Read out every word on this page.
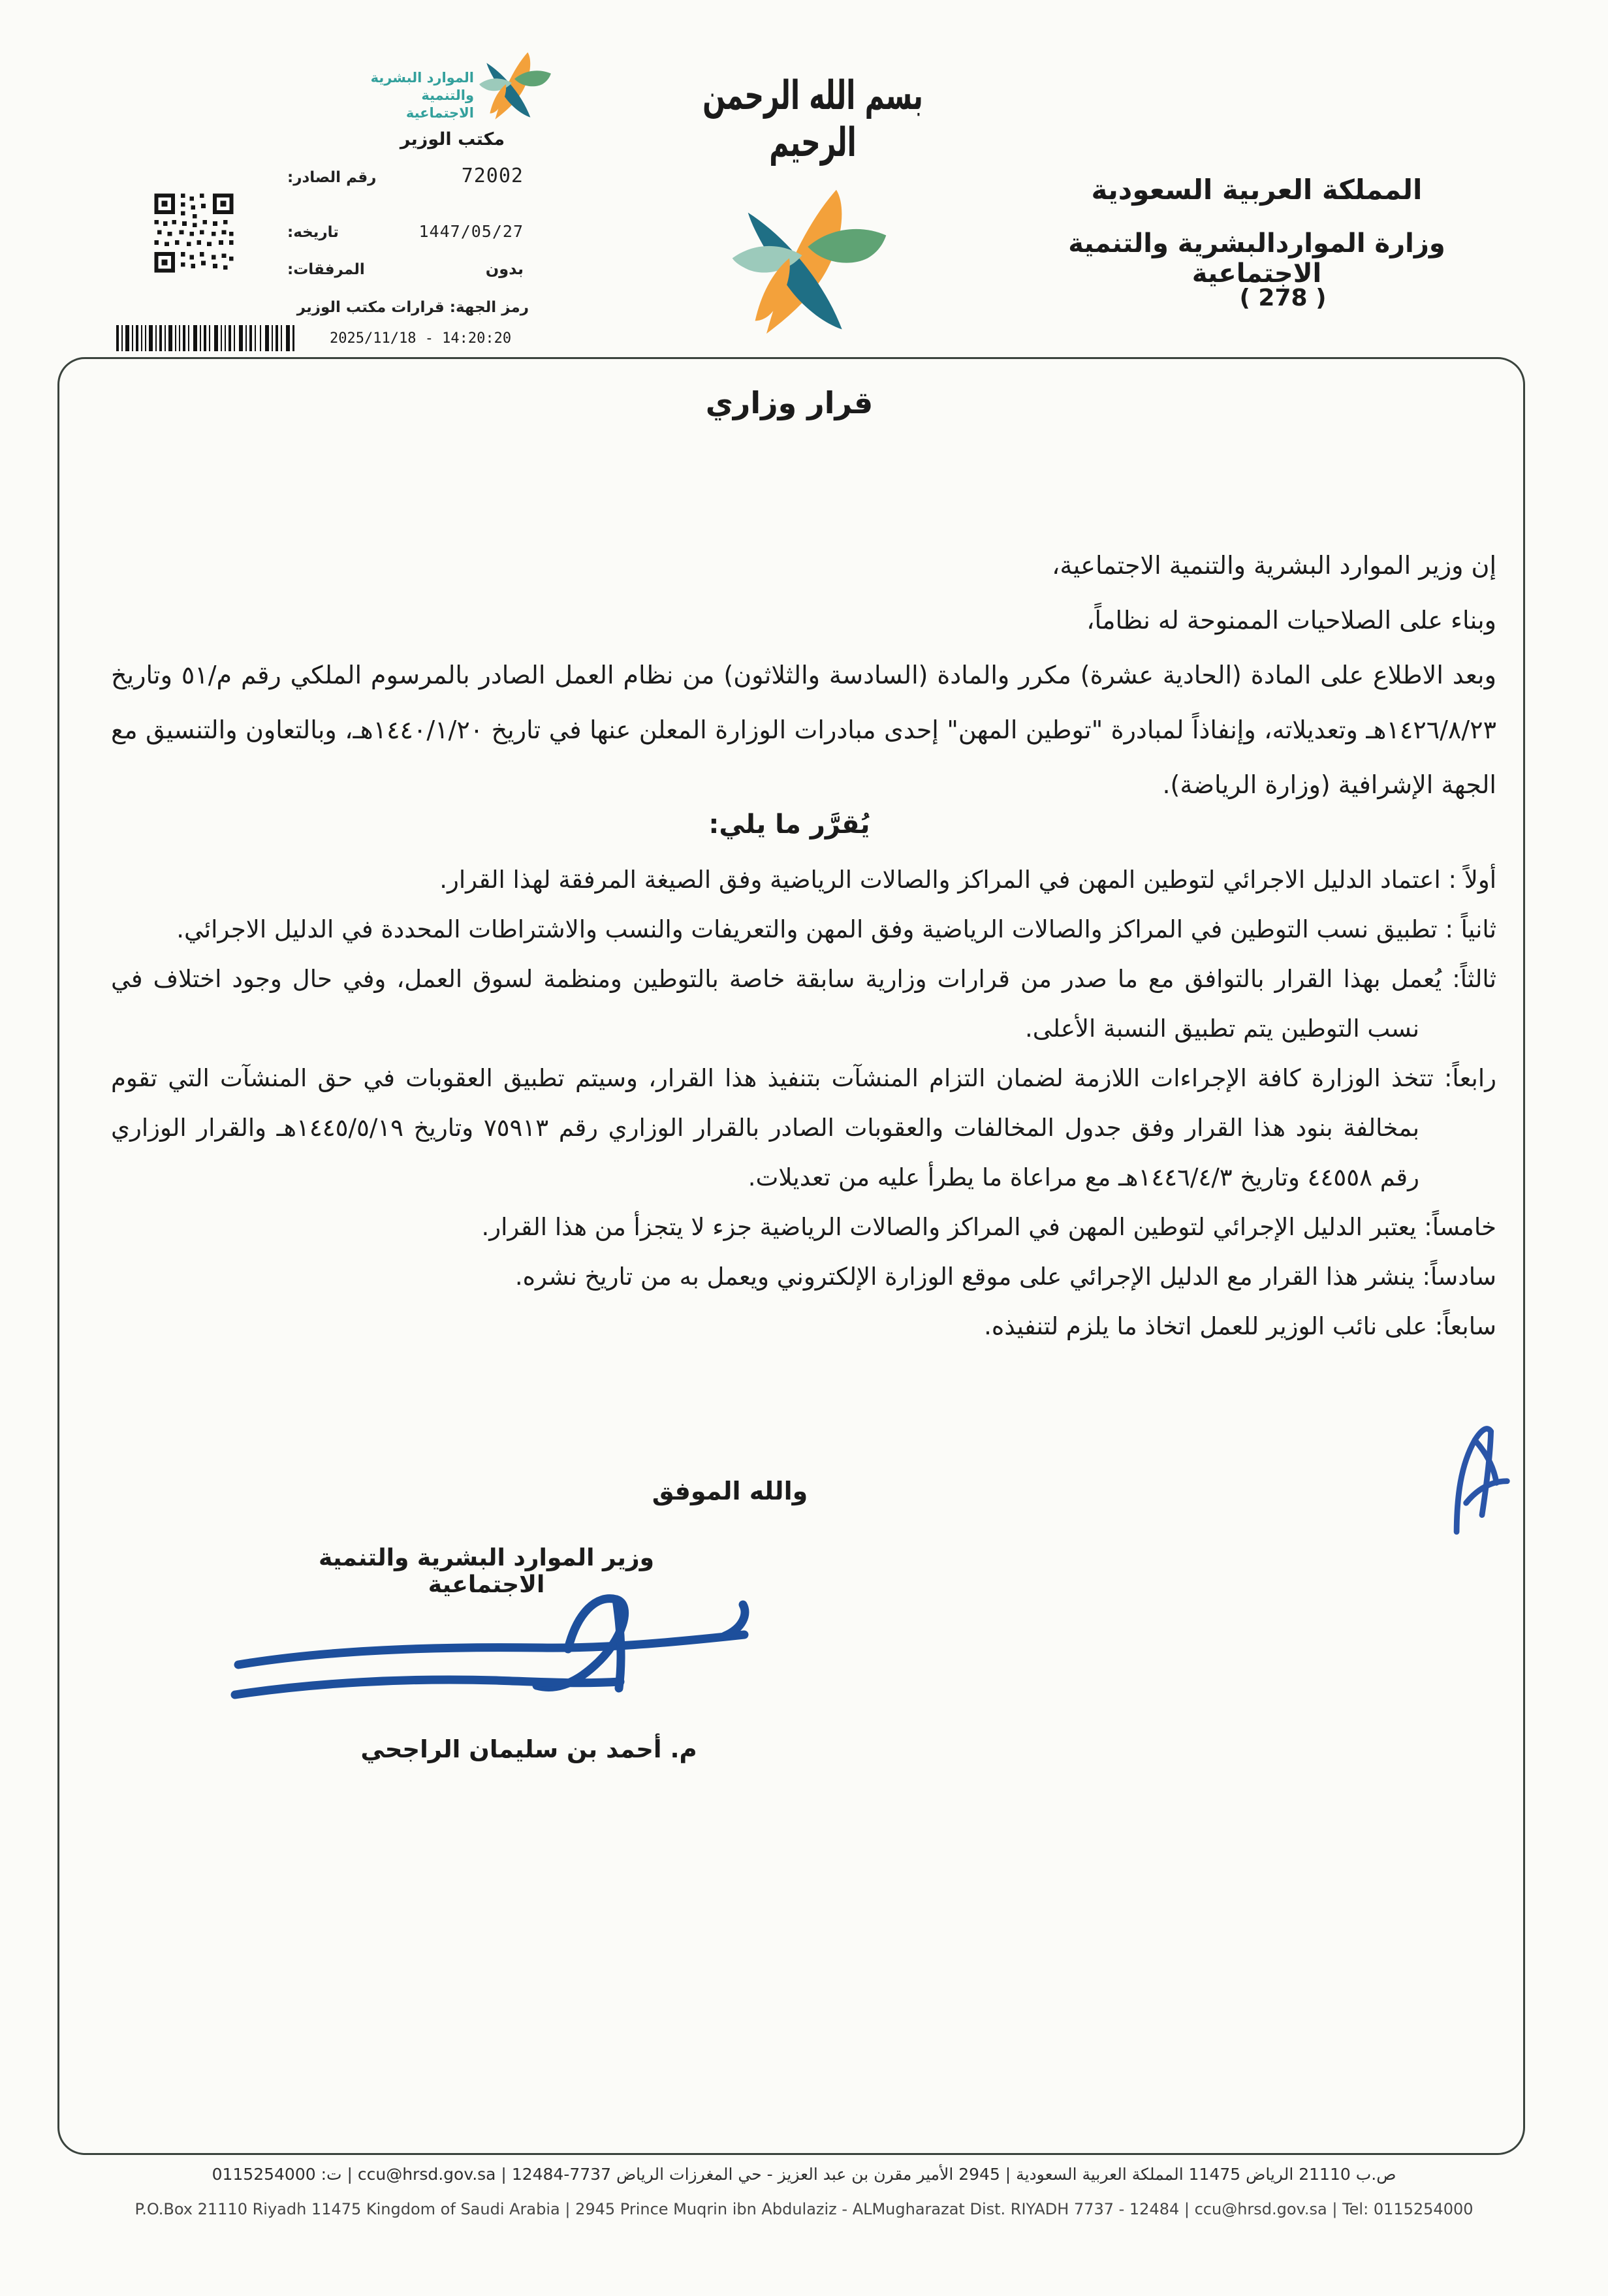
الموارد البشرية
والتنمية الاجتماعية
مكتب الوزير
رقم الصادر:	72002
تاريخه:	1447/05/27
المرفقات:	بدون
رمز الجهة: قرارات مكتب الوزير
2025/11/18 - 14:20:20
بسم الله الرحمن الرحيم
المملكة العربية السعودية
وزارة المواردالبشرية والتنمية الاجتماعية
( 278 )
قرار وزاري

إن وزير الموارد البشرية والتنمية الاجتماعية،

وبناء على الصلاحيات الممنوحة له نظاماً،

وبعد الاطلاع على المادة (الحادية عشرة) مكرر والمادة (السادسة والثلاثون) من نظام العمل الصادر بالمرسوم الملكي رقم م/٥١ وتاريخ ١٤٢٦/٨/٢٣هـ وتعديلاته، وإنفاذاً لمبادرة "توطين المهن" إحدى مبادرات الوزارة المعلن عنها في تاريخ ١٤٤٠/١/٢٠هـ، وبالتعاون والتنسيق مع الجهة الإشرافية (وزارة الرياضة).

يُقرَّر ما يلي:

أولاً : اعتماد الدليل الاجرائي لتوطين المهن في المراكز والصالات الرياضية وفق الصيغة المرفقة لهذا القرار.

ثانياً : تطبيق نسب التوطين في المراكز والصالات الرياضية وفق المهن والتعريفات والنسب والاشتراطات المحددة في الدليل الاجرائي.

ثالثاً: يُعمل بهذا القرار بالتوافق مع ما صدر من قرارات وزارية سابقة خاصة بالتوطين ومنظمة لسوق العمل، وفي حال وجود اختلاف في نسب التوطين يتم تطبيق النسبة الأعلى.

رابعاً: تتخذ الوزارة كافة الإجراءات اللازمة لضمان التزام المنشآت بتنفيذ هذا القرار، وسيتم تطبيق العقوبات في حق المنشآت التي تقوم بمخالفة بنود هذا القرار وفق جدول المخالفات والعقوبات الصادر بالقرار الوزاري رقم ٧٥٩١٣ وتاريخ ١٤٤٥/٥/١٩هـ والقرار الوزاري رقم ٤٤٥٥٨ وتاريخ ١٤٤٦/٤/٣هـ مع مراعاة ما يطرأ عليه من تعديلات.

خامساً: يعتبر الدليل الإجرائي لتوطين المهن في المراكز والصالات الرياضية جزء لا يتجزأ من هذا القرار.

سادساً: ينشر هذا القرار مع الدليل الإجرائي على موقع الوزارة الإلكتروني ويعمل به من تاريخ نشره.

سابعاً: على نائب الوزير للعمل اتخاذ ما يلزم لتنفيذه.

والله الموفق
وزير الموارد البشرية والتنمية الاجتماعية
م. أحمد بن سليمان الراجحي
ص.ب 21110 الرياض 11475 المملكة العربية السعودية | 2945 الأمير مقرن بن عبد العزيز - حي المغرزات الرياض 7737-12484 | ccu@hrsd.gov.sa | ت: 0115254000
P.O.Box 21110 Riyadh 11475 Kingdom of Saudi Arabia | 2945 Prince Muqrin ibn Abdulaziz - ALMugharazat Dist. RIYADH 7737 - 12484 | ccu@hrsd.gov.sa | Tel: 0115254000
